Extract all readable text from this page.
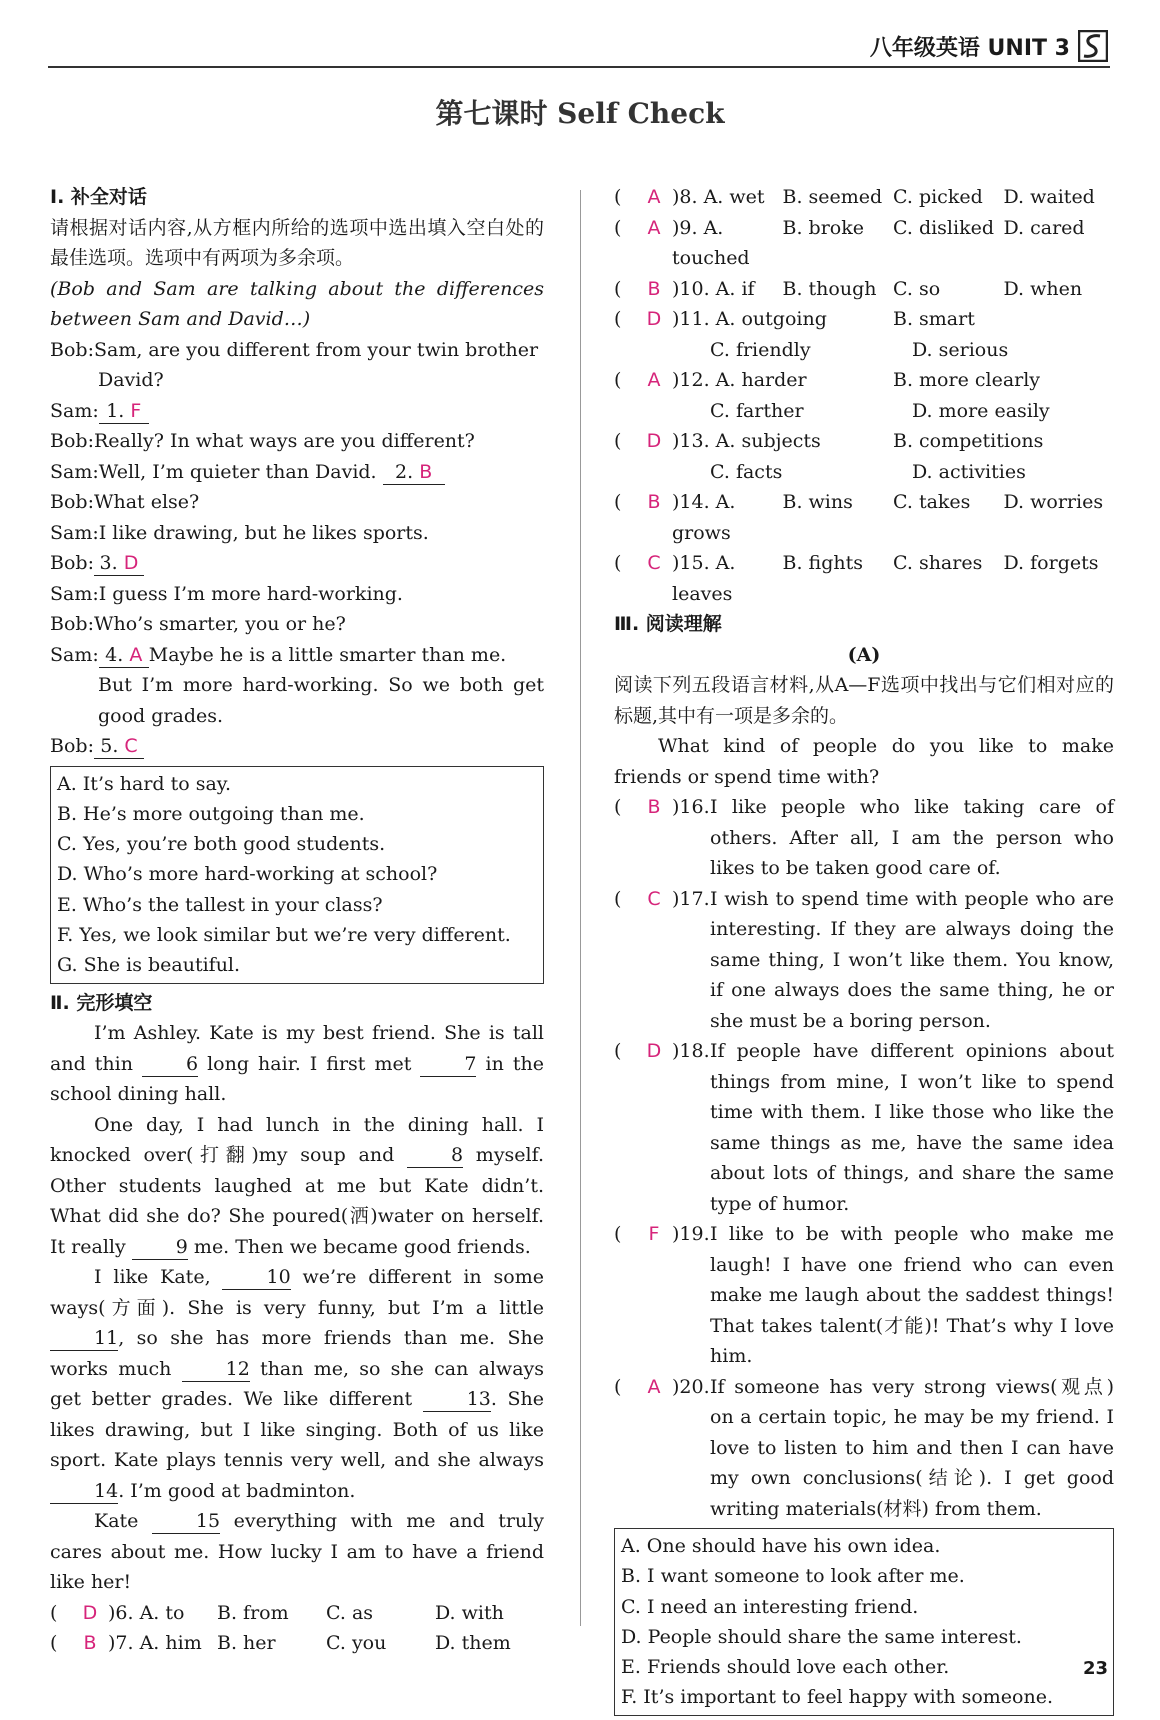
八年级英语 UNIT 3
第七课时 Self Check
Ⅰ. 补全对话

请根据对话内容,从方框内所给的选项中选出填入空白处的最佳选项。选项中有两项为多余项。

(Bob and Sam are talking about the differences between Sam and David…)

Bob:Sam, are you different from your twin brother
David?
Sam: 1. F
Bob:Really? In what ways are you different?
Sam:Well, I’m quieter than David. 2. B
Bob:What else?
Sam:I like drawing, but he likes sports.
Bob: 3. D
Sam:I guess I’m more hard-working.
Bob:Who’s smarter, you or he?
Sam: 4. A Maybe he is a little smarter than me.
But I’m more hard-working. So we both get good grades.
Bob: 5. C
A. It’s hard to say.
B. He’s more outgoing than me.
C. Yes, you’re both good students.
D. Who’s more hard-working at school?
E. Who’s the tallest in your class?
F. Yes, we look similar but we’re very different.
G. She is beautiful.
Ⅱ. 完形填空

I’m Ashley. Kate is my best friend. She is tall and thin	6 long hair. I first met	7 in the school dining hall.

One day, I had lunch in the dining hall. I knocked over(打翻)my soup and	8 myself. Other students laughed at me but Kate didn’t. What did she do? She poured(洒)water on herself. It really	9 me. Then we became good friends.

I like Kate,	10 we’re different in some ways(方面). She is very funny, but I’m a little 11, so she has more friends than me. She works much	12 than me, so she can always get better grades. We like different	13. She likes drawing, but I like singing. Both of us like sport. Kate plays tennis very well, and she always 14. I’m good at badminton.

Kate	15 everything with me and truly cares about me. How lucky I am to have a friend like her!

(	D )6. A. to	B. from	C. as	D. with
(	B )7. A. him B. her	C. you	D. them
(	A )8. A. wet B. seemed C. picked	D. waited
(	A )9. A. touched
B. broke	C. disliked D. cared
(	B )10. A. if	B. though C. so	D. when
(	D )11. A. outgoing	B. smart
C. friendly	D. serious
(	A )12. A. harder	B. more clearly
C. farther	D. more easily
(	D )13. A. subjects	B. competitions
C. facts	D. activities
(	B )14. A. grows
B. wins	C. takes	D. worries
(	C )15. A. leaves
B. fights	C. shares	D. forgets
Ⅲ. 阅读理解
(A)

阅读下列五段语言材料,从A—F选项中找出与它们相对应的标题,其中有一项是多余的。

What kind of people do you like to make friends or spend time with?

(	B )16. I like people who like taking care of others. After all, I am the person who likes to be taken good care of.
(	C )17. I wish to spend time with people who are interesting. If they are always doing the same thing, I won’t like them. You know, if one always does the same thing, he or she must be a boring person.
(	D )18. If people have different opinions about things from mine, I won’t like to spend time with them. I like those who like the same things as me, have the same idea about lots of things, and share the same type of humor.
(	F )19. I like to be with people who make me laugh! I have one friend who can even make me laugh about the saddest things! That takes talent(才能)! That’s why I love him.
(	A )20. If someone has very strong views(观点) on a certain topic, he may be my friend. I love to listen to him and then I can have my own conclusions(结论). I get good writing materials(材料) from them.
A. One should have his own idea.
B. I want someone to look after me.
C. I need an interesting friend.
D. People should share the same interest.
E. Friends should love each other.
F. It’s important to feel happy with someone.
23
